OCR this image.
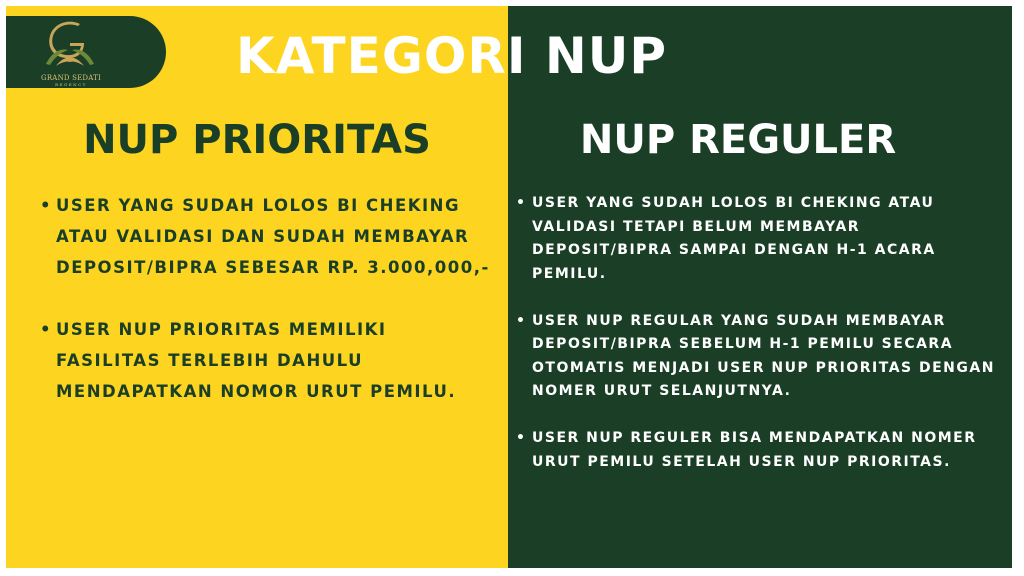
GRAND SEDATI
REGENCY	KATEGORI NUP
NUP PRIORITAS	NUP REGULER
• USER YANG SUDAH LOLOS BI CHEKING ATAU VALIDASI DAN SUDAH MEMBAYAR DEPOSIT/BIPRA SEBESAR RP. 3.000,000,-
• USER NUP PRIORITAS MEMILIKI FASILITAS TERLEBIH DAHULU MENDAPATKAN NOMOR URUT PEMILU.
• USER YANG SUDAH LOLOS BI CHEKING ATAU VALIDASI TETAPI BELUM MEMBAYAR DEPOSIT/BIPRA SAMPAI DENGAN H-1 ACARA PEMILU.
• USER NUP REGULAR YANG SUDAH MEMBAYAR DEPOSIT/BIPRA SEBELUM H-1 PEMILU SECARA OTOMATIS MENJADI USER NUP PRIORITAS DENGAN NOMER URUT SELANJUTNYA.
• USER NUP REGULER BISA MENDAPATKAN NOMER URUT PEMILU SETELAH USER NUP PRIORITAS.
